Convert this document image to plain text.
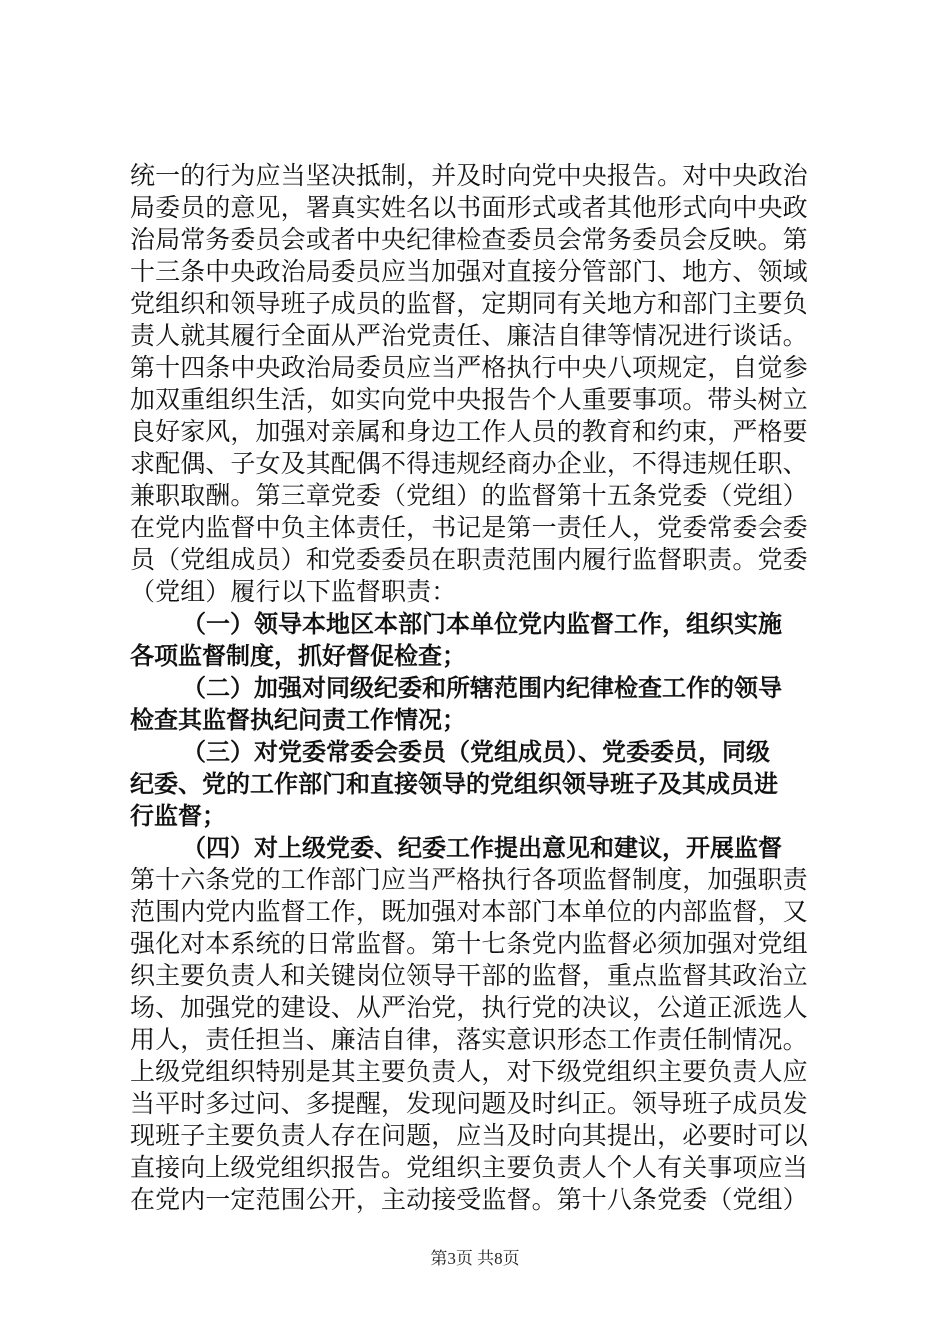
统一的行为应当坚决抵制，并及时向党中央报告。对中央政治
局委员的意见，署真实姓名以书面形式或者其他形式向中央政
治局常务委员会或者中央纪律检查委员会常务委员会反映。第
十三条中央政治局委员应当加强对直接分管部门、地方、领域
党组织和领导班子成员的监督，定期同有关地方和部门主要负
责人就其履行全面从严治党责任、廉洁自律等情况进行谈话。
第十四条中央政治局委员应当严格执行中央八项规定，自觉参
加双重组织生活，如实向党中央报告个人重要事项。带头树立
良好家风，加强对亲属和身边工作人员的教育和约束，严格要
求配偶、子女及其配偶不得违规经商办企业，不得违规任职、
兼职取酬。第三章党委（党组）的监督第十五条党委（党组）
在党内监督中负主体责任，书记是第一责任人，党委常委会委
员（党组成员）和党委委员在职责范围内履行监督职责。党委
（党组）履行以下监督职责：
（一）领导本地区本部门本单位党内监督工作，组织实施
各项监督制度，抓好督促检查；
（二）加强对同级纪委和所辖范围内纪律检查工作的领导
检查其监督执纪问责工作情况；
（三）对党委常委会委员（党组成员）、党委委员，同级
纪委、党的工作部门和直接领导的党组织领导班子及其成员进
行监督；
（四）对上级党委、纪委工作提出意见和建议，开展监督
第十六条党的工作部门应当严格执行各项监督制度，加强职责
范围内党内监督工作，既加强对本部门本单位的内部监督，又
强化对本系统的日常监督。第十七条党内监督必须加强对党组
织主要负责人和关键岗位领导干部的监督，重点监督其政治立
场、加强党的建设、从严治党，执行党的决议，公道正派选人
用人，责任担当、廉洁自律，落实意识形态工作责任制情况。
上级党组织特别是其主要负责人，对下级党组织主要负责人应
当平时多过问、多提醒，发现问题及时纠正。领导班子成员发
现班子主要负责人存在问题，应当及时向其提出，必要时可以
直接向上级党组织报告。党组织主要负责人个人有关事项应当
在党内一定范围公开，主动接受监督。第十八条党委（党组）
第3页 共8页
